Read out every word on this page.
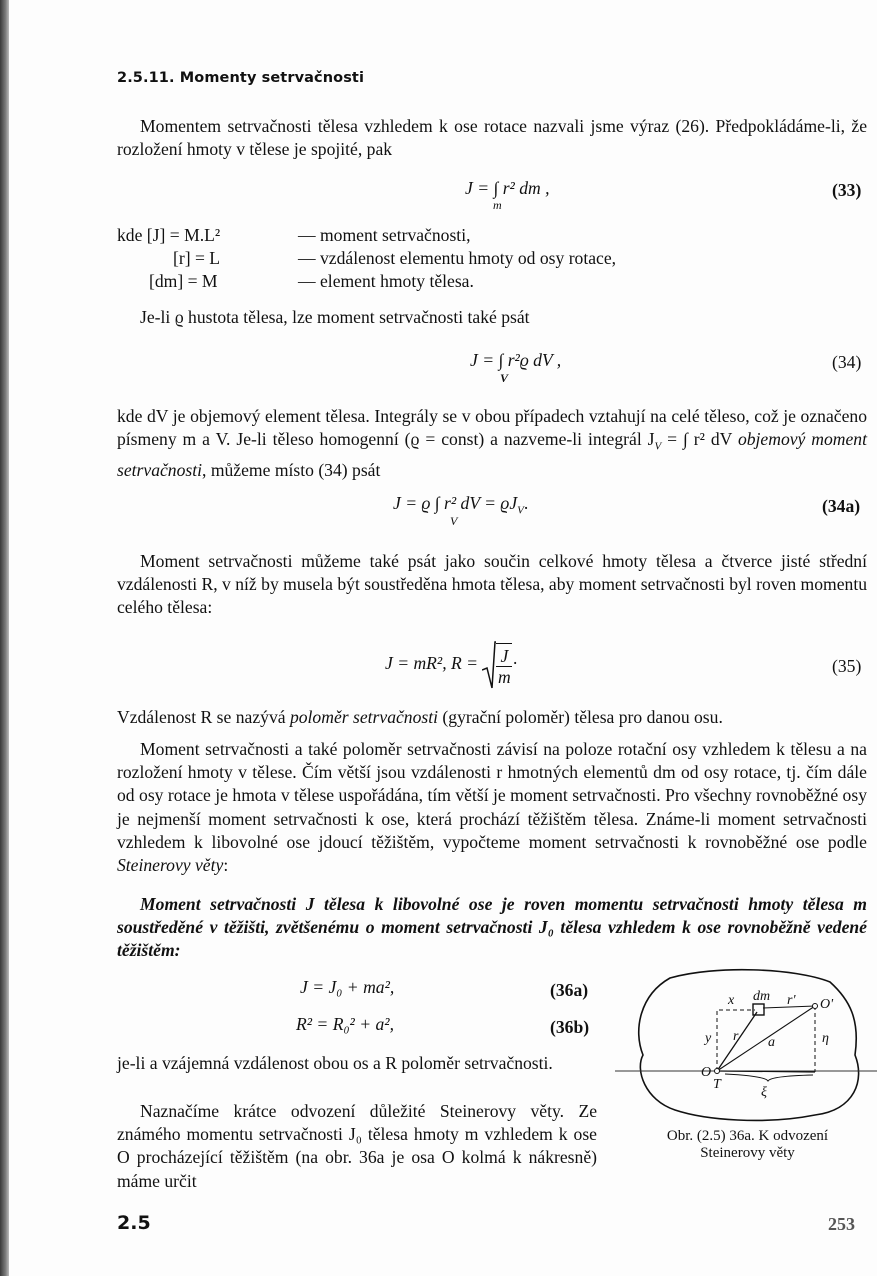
2.5.11. Momenty setrvačnosti
Momentem setrvačnosti tělesa vzhledem k ose rotace nazvali jsme výraz (26). Předpokládáme-li, že rozložení hmoty v tělese je spojité, pak
J = ∫ r² dm ,
m
(33)
kde [J] = M.L²	— moment setrvačnosti,
[r] = L	— vzdálenost elementu hmoty od osy rotace,
[dm] = M	— element hmoty tělesa.
Je-li ϱ hustota tělesa, lze moment setrvačnosti také psát
J = ∫ r²ϱ dV ,
V
(34)
kde dV je objemový element tělesa. Integrály se v obou případech vztahují na celé těleso, což je označeno písmeny m a V. Je-li těleso homogenní (ϱ = const) a nazveme-li integrál $J_V$ = ∫ r² dV objemový moment setrvačnosti, můžeme místo (34) psát
J = ϱ ∫ r² dV = $ϱJ_V$.
V
(34a)
Moment setrvačnosti můžeme také psát jako součin celkové hmoty tělesa a čtverce jisté střední vzdálenosti R, v níž by musela být soustředěna hmota tělesa, aby moment setrvačnosti byl roven momentu celého tělesa:
J = mR², $R = \frac{J}{m}$ ·	(35)
Vzdálenost R se nazývá poloměr setrvačnosti (gyrační poloměr) tělesa pro danou osu.
Moment setrvačnosti a také poloměr setrvačnosti závisí na poloze rotační osy vzhledem k tělesu a na rozložení hmoty v tělese. Čím větší jsou vzdálenosti r hmotných elementů dm od osy rotace, tj. čím dále od osy rotace je hmota v tělese uspořádána, tím větší je moment setrvačnosti. Pro všechny rovnoběžné osy je nejmenší moment setrvačnosti k ose, která prochází těžištěm tělesa. Známe-li moment setrvačnosti vzhledem k libovolné ose jdoucí těžištěm, vypočteme moment setrvačnosti k rovnoběžné ose podle Steinerovy věty:
Moment setrvačnosti J tělesa k libovolné ose je roven momentu setrvačnosti hmoty tělesa m soustředěné v těžišti, zvětšenému o moment setrvačnosti J₀ tělesa vzhledem k ose rovnoběžně vedené těžištěm:
J = J₀ + ma²,	(36a)
R² = R₀² + a²,	(36b)
je-li a vzájemná vzdálenost obou os a R poloměr setrvačnosti.
Naznačíme krátce odvození důležité Steinerovy věty. Ze známého momentu setrvačnosti J₀ tělesa hmoty m vzhledem k ose O procházející těžištěm (na obr. 36a je osa O kolmá k nákresně) máme určit
dm
x	r' O'
y r a	η
O
T
ξ
Obr. (2.5) 36a. K odvození
Steinerovy věty
2.5	253
